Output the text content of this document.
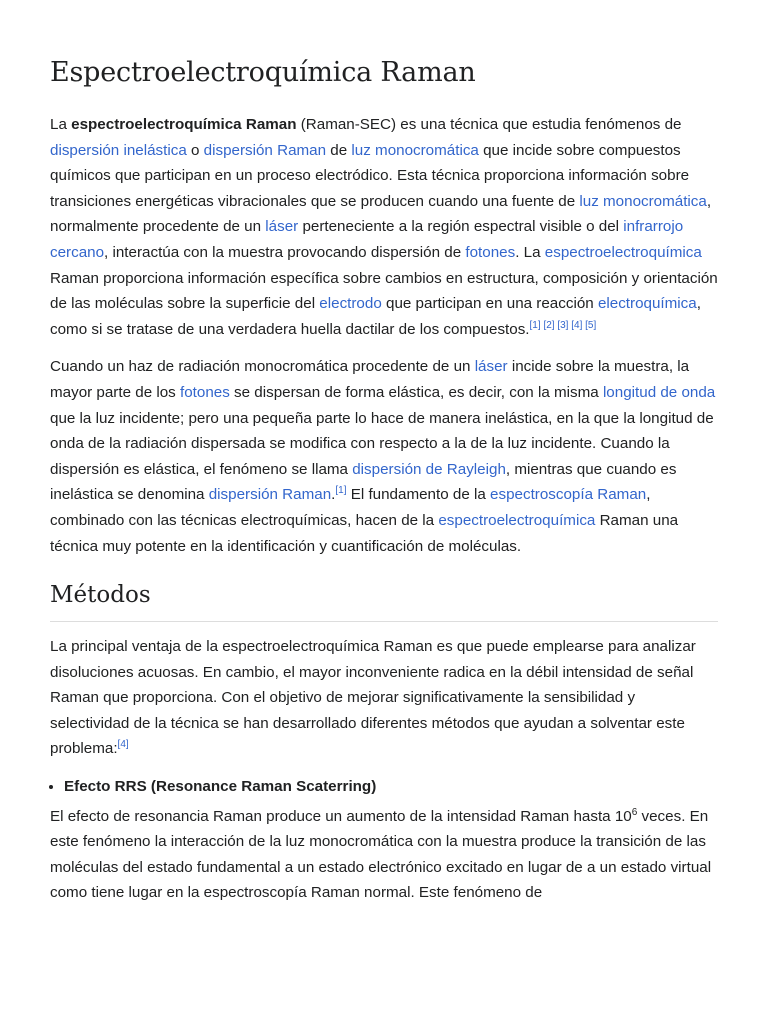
Espectroelectroquímica Raman

La espectroelectroquímica Raman (Raman-SEC) es una técnica que estudia fenómenos de dispersión inelástica o dispersión Raman de luz monocromática que incide sobre compuestos químicos que participan en un proceso electródico. Esta técnica proporciona información sobre transiciones energéticas vibracionales que se producen cuando una fuente de luz monocromática, normalmente procedente de un láser perteneciente a la región espectral visible o del infrarrojo cercano, interactúa con la muestra provocando dispersión de fotones. La espectroelectroquímica Raman proporciona información específica sobre cambios en estructura, composición y orientación de las moléculas sobre la superficie del electrodo que participan en una reacción electroquímica, como si se tratase de una verdadera huella dactilar de los compuestos.[1] [2] [3] [4] [5]

Cuando un haz de radiación monocromática procedente de un láser incide sobre la muestra, la mayor parte de los fotones se dispersan de forma elástica, es decir, con la misma longitud de onda que la luz incidente; pero una pequeña parte lo hace de manera inelástica, en la que la longitud de onda de la radiación dispersada se modifica con respecto a la de la luz incidente. Cuando la dispersión es elástica, el fenómeno se llama dispersión de Rayleigh, mientras que cuando es inelástica se denomina dispersión Raman.[1] El fundamento de la espectroscopía Raman, combinado con las técnicas electroquímicas, hacen de la espectroelectroquímica Raman una técnica muy potente en la identificación y cuantificación de moléculas.

Métodos

La principal ventaja de la espectroelectroquímica Raman es que puede emplearse para analizar disoluciones acuosas. En cambio, el mayor inconveniente radica en la débil intensidad de señal Raman que proporciona. Con el objetivo de mejorar significativamente la sensibilidad y selectividad de la técnica se han desarrollado diferentes métodos que ayudan a solventar este problema:[4]

• Efecto RRS (Resonance Raman Scaterring)

El efecto de resonancia Raman produce un aumento de la intensidad Raman hasta $10^6$ veces. En este fenómeno la interacción de la luz monocromática con la muestra produce la transición de las moléculas del estado fundamental a un estado electrónico excitado en lugar de a un estado virtual como tiene lugar en la espectroscopía Raman normal. Este fenómeno de
